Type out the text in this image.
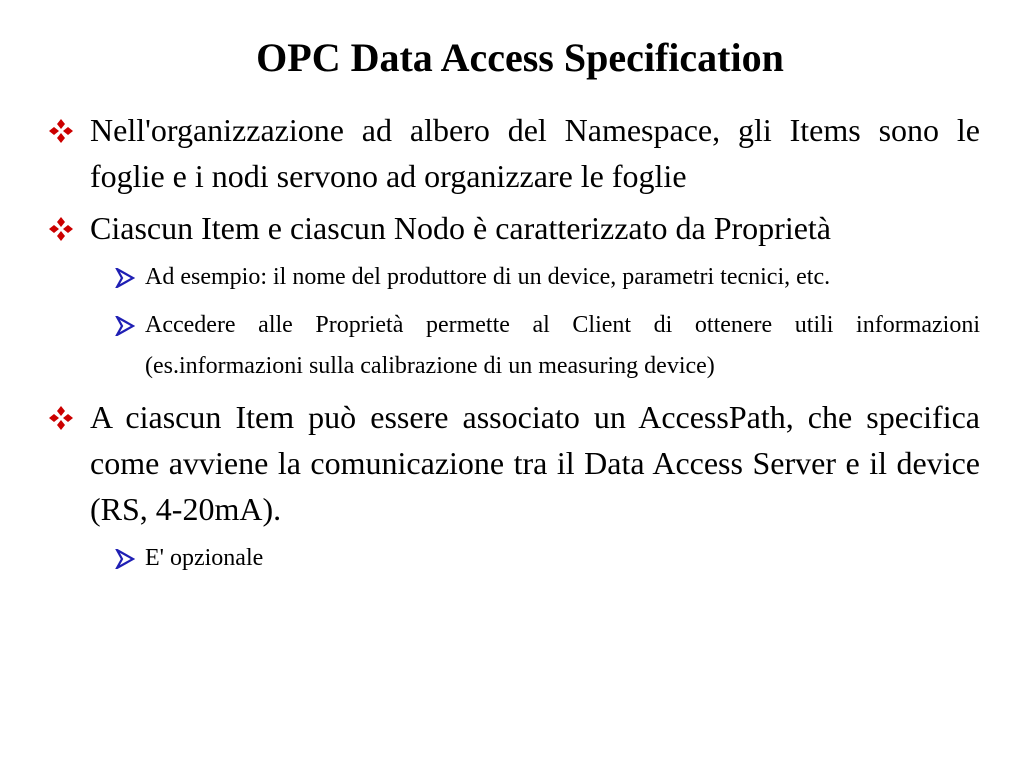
OPC Data Access Specification
Nell'organizzazione ad albero del Namespace, gli Items sono le foglie e i nodi servono ad organizzare le foglie
Ciascun Item e ciascun Nodo è caratterizzato da Proprietà
Ad esempio: il nome del produttore di un device, parametri tecnici, etc.
Accedere alle Proprietà permette al Client di ottenere utili informazioni (es.informazioni sulla calibrazione di un measuring device)
A ciascun Item può essere associato un AccessPath, che specifica come avviene la comunicazione tra il Data Access Server e il device (RS, 4-20mA).
E' opzionale
